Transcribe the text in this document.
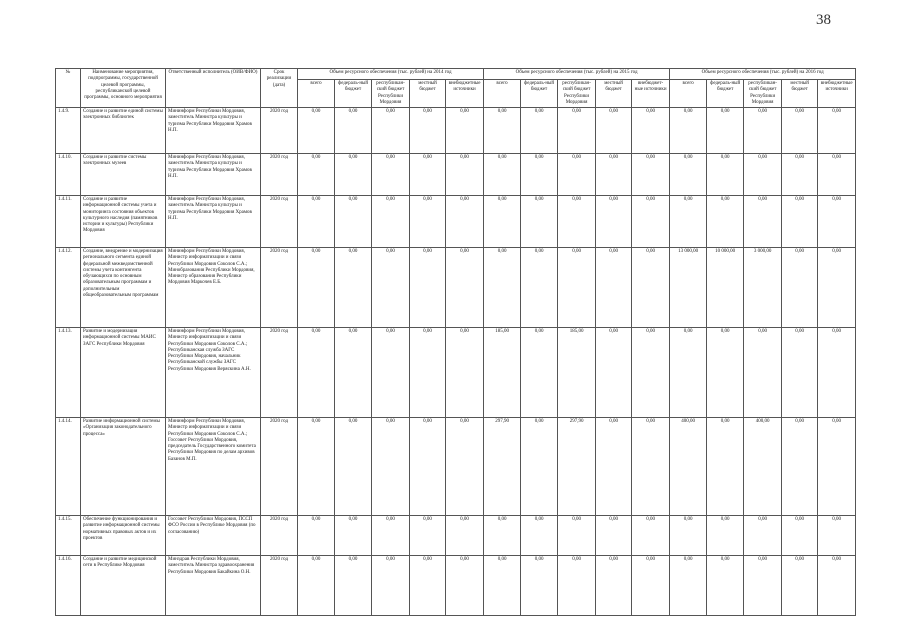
38
№	Наименование мероприятия, подпрограммы, государственной целевой программы, республиканской целевой программы, основного мероприятия	Ответственный исполнитель (ОИВ/ФИО)	Срок реализации (дата)	Объем ресурсного обеспечения (тыс. рублей) на 2014 год					Объем ресурсного обеспечения (тыс. рублей) на 2015 год					Объем ресурсного обеспечения (тыс. рублей) на 2016 год				
				всего	федераль-ный бюджет	республикан-ский бюджет Республики Мордовия	местный бюджет	внебюджетные источники	всего	федераль-ный бюджет	республикан-ский бюджет Республики Мордовия	местный бюджет	внебюджет-ные источники	всего	федераль-ный бюджет	республикан-ский бюджет Республики Мордовия	местный бюджет	внебюджетные источники
1.4.9.	Создание и развитие единой системы электронных библиотек	Мининформ Республики Мордовия, заместитель Министра культуры и туризма Республики Мордовия Храмов Н.П.	2020 год	0,00	0,00	0,00	0,00	0,00	0,00	0,00	0,00	0,00	0,00	0,00	0,00	0,00	0,00	0,00
1.4.10.	Создание и развитие системы электронных музеев	Мининформ Республики Мордовия, заместитель Министра культуры и туризма Республики Мордовия Храмов Н.П.	2020 год	0,00	0,00	0,00	0,00	0,00	0,00	0,00	0,00	0,00	0,00	0,00	0,00	0,00	0,00	0,00
1.4.11.	Создание и развитие информационной системы учета и мониторинга состояния объектов культурного наследия (памятников истории и культуры) Республики Мордовия	Мининформ Республики Мордовия, заместитель Министра культуры и туризма Республики Мордовия Храмов Н.П.	2020 год	0,00	0,00	0,00	0,00	0,00	0,00	0,00	0,00	0,00	0,00	0,00	0,00	0,00	0,00	0,00
1.4.12.	Создание, внедрение и модернизация регионального сегмента единой федеральной межведомственной системы учета контингента обучающихся по основным образовательным программам и дополнительным общеобразовательным программам	Мининформ Республики Мордовия, Министр информатизации и связи Республики Мордовия Соколов С.А.; Минобразования Республики Мордовия, Министр образования Республики Мордовия Маркочев Е.Б.	2020 год	0,00	0,00	0,00	0,00	0,00	0,00	0,00	0,00	0,00	0,00	13 000,00	10 000,00	3 000,00	0,00	0,00
1.4.13.	Развитие и модернизация информационной системы МАИС ЗАГС Республики Мордовия	Мининформ Республики Мордовия, Министр информатизации и связи Республики Мордовия Соколов С.А.; Республиканская служба ЗАГС Республики Мордовия, начальник Республиканской службы ЗАГС Республики Мордовия Веряскина А.Н.	2020 год	0,00	0,00	0,00	0,00	0,00	185,00	0,00	185,00	0,00	0,00	0,00	0,00	0,00	0,00	0,00
1.4.14.	Развитие информационной системы «Организация законодательного процесса»	Мининформ Республики Мордовия, Министр информатизации и связи Республики Мордовия Соколов С.А.; Госсовет Республики Мордовия, председатель Государственного комитета Республики Мордовия по делам архивов Базанов М.П.	2020 год	0,00	0,00	0,00	0,00	0,00	297,90	0,00	297,90	0,00	0,00	400,00	0,00	400,00	0,00	0,00
1.4.15.	Обеспечение функционирования и развитие информационной системы нормативных правовых актов и их проектов	Госсовет Республики Мордовия, ПССП ФСО России в Республике Мордовия (по согласованию)	2020 год	0,00	0,00	0,00	0,00	0,00	0,00	0,00	0,00	0,00	0,00	0,00	0,00	0,00	0,00	0,00
1.4.16.	Создание и развитие медицинской сети в Республике Мордовия	Минздрав Республики Мордовия, заместитель Министра здравоохранения Республики Мордовия Бакайкина О.Н.	2020 год	0,00	0,00	0,00	0,00	0,00	0,00	0,00	0,00	0,00	0,00	0,00	0,00	0,00	0,00	0,00
